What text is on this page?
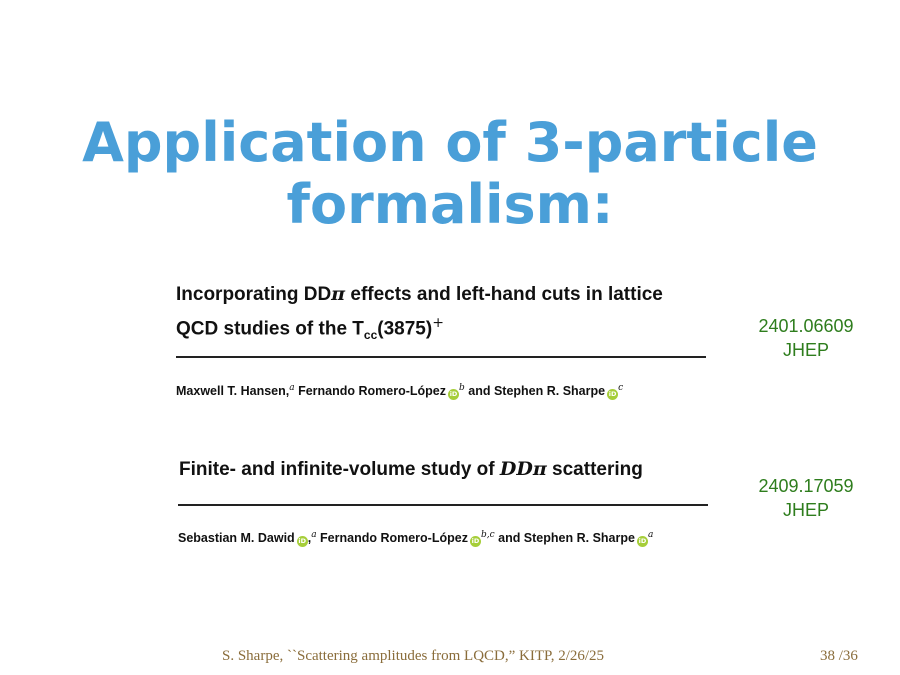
Application of 3-particle
formalism:
Incorporating DDπ effects and left-hand cuts in lattice
QCD studies of the $T_{cc}(3875)^+$
Maxwell T. Hansen,$^a$ Fernando Romero-López iD$^b$ and Stephen R. Sharpe iD$^c$
2401.06609
JHEP
Finite- and infinite-volume study of DDπ scattering
Sebastian M. Dawid iD ,$^a$ Fernando Romero-López iD$^{b,c}$ and Stephen R. Sharpe iD$^a$
2409.17059
JHEP
S. Sharpe, ``Scattering amplitudes from LQCD,” KITP, 2/26/25	38 /36
